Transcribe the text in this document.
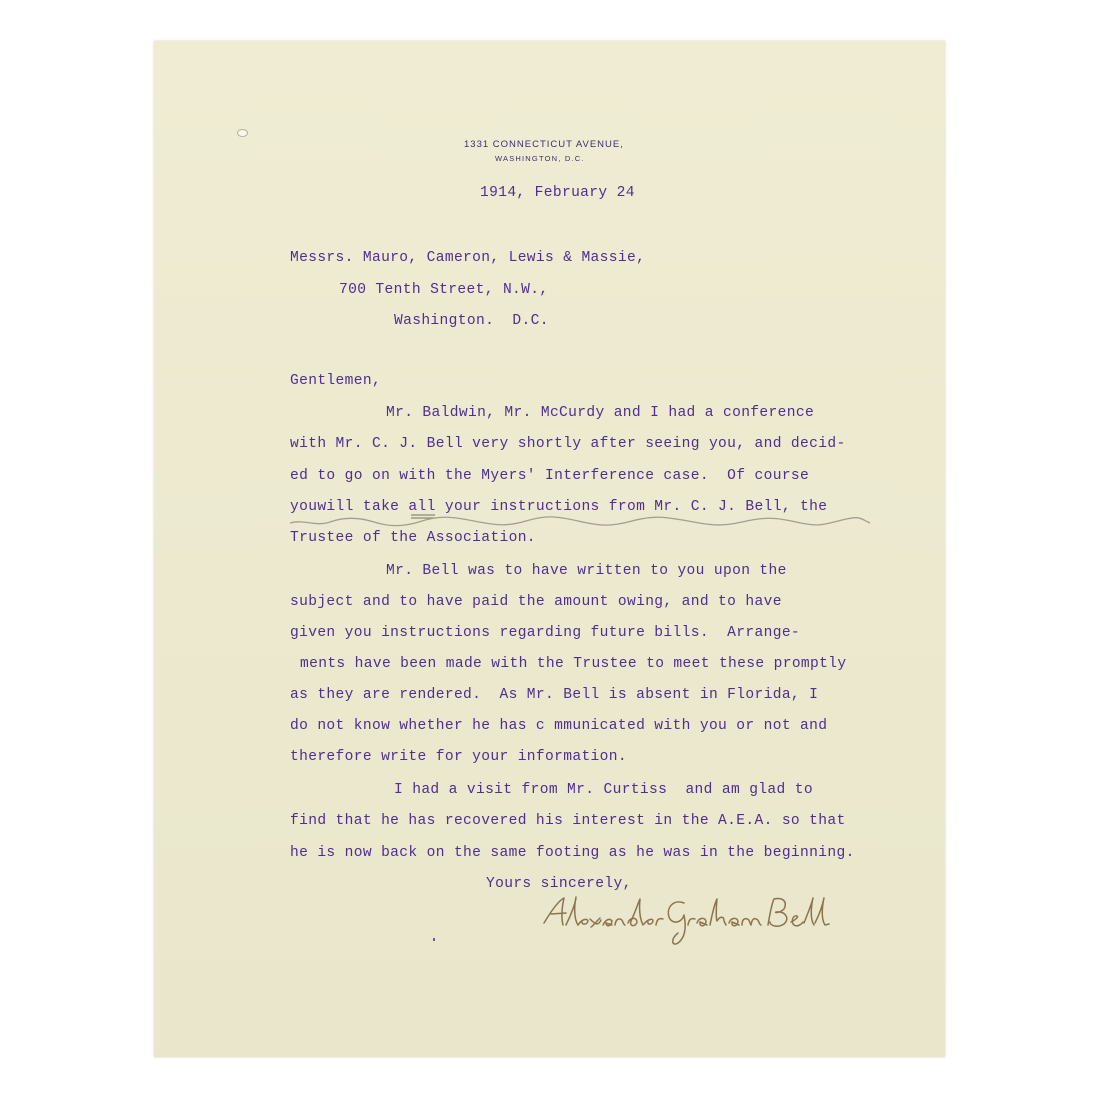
1331 CONNECTICUT AVENUE,
WASHINGTON, D.C.
1914, February 24
Messrs. Mauro, Cameron, Lewis & Massie,
700 Tenth Street, N.W.,
Washington.  D.C.
Gentlemen,
Mr. Baldwin, Mr. McCurdy and I had a conference
with Mr. C. J. Bell very shortly after seeing you, and decid-
ed to go on with the Myers' Interference case.  Of course
youwill take all your instructions from Mr. C. J. Bell, the
Trustee of the Association.
Mr. Bell was to have written to you upon the
subject and to have paid the amount owing, and to have
given you instructions regarding future bills.  Arrange-
ments have been made with the Trustee to meet these promptly
as they are rendered.  As Mr. Bell is absent in Florida, I
do not know whether he has c mmunicated with you or not and
therefore write for your information.
I had a visit from Mr. Curtiss  and am glad to
find that he has recovered his interest in the A.E.A. so that
he is now back on the same footing as he was in the beginning.
Yours sincerely,
